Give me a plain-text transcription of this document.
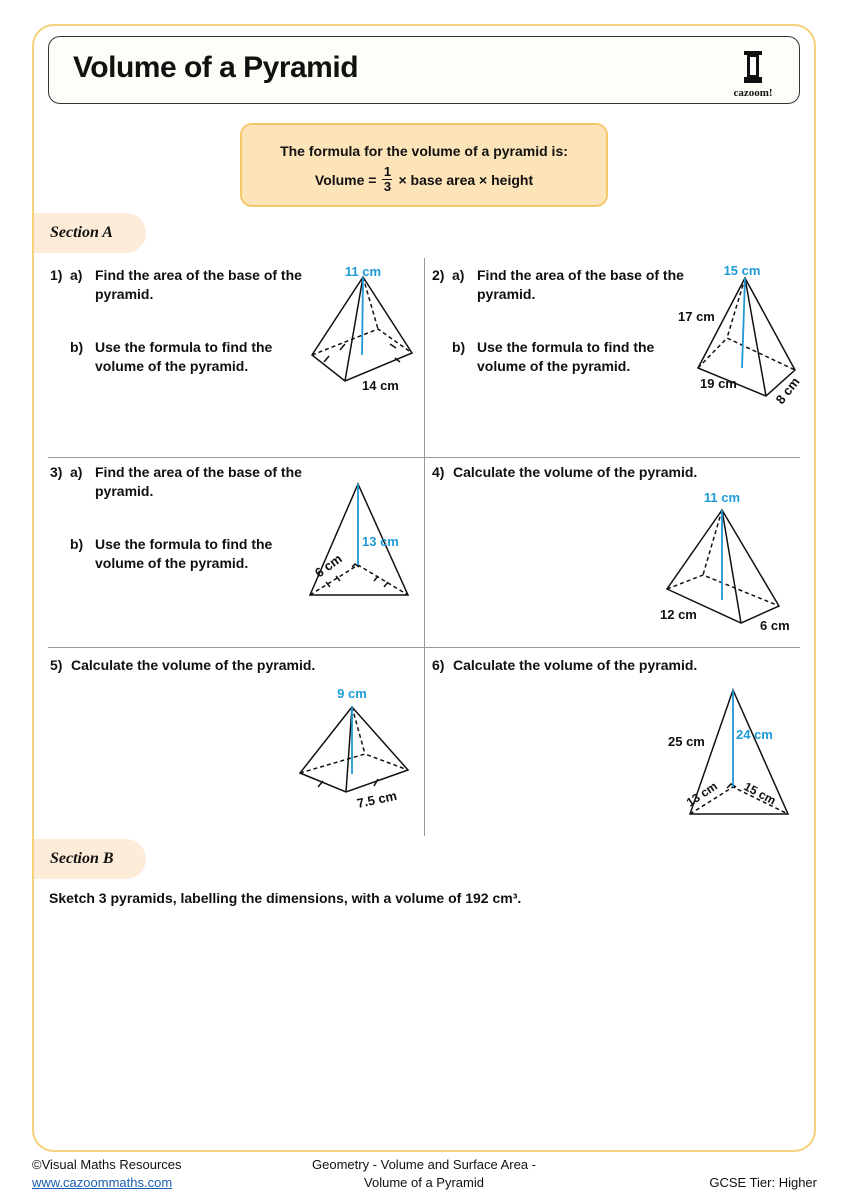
Volume of a Pyramid
cazoom!
The formula for the volume of a pyramid is:
Volume = $\frac{1}{3}$ × base area × height
Section A
1) a) Find the area of the base of the pyramid.
b) Use the formula to find the volume of the pyramid.
11 cm
14 cm
2) a) Find the area of the base of the pyramid.
b) Use the formula to find the volume of the pyramid.
15 cm
17 cm
19 cm	8 cm
3) a) Find the area of the base of the pyramid.
b) Use the formula to find the volume of the pyramid.
13 cm
6 cm
4) Calculate the volume of the pyramid.
11 cm
12 cm
6 cm
5) Calculate the volume of the pyramid.
9 cm
7.5 cm
6) Calculate the volume of the pyramid.
25 cm 24 cm
13 cm 15 cm
Section B
Sketch 3 pyramids, labelling the dimensions, with a volume of 192 cm³.
©Visual Maths Resources
www.cazoommaths.com
Geometry - Volume and Surface Area -
Volume of a Pyramid	GCSE Tier: Higher
